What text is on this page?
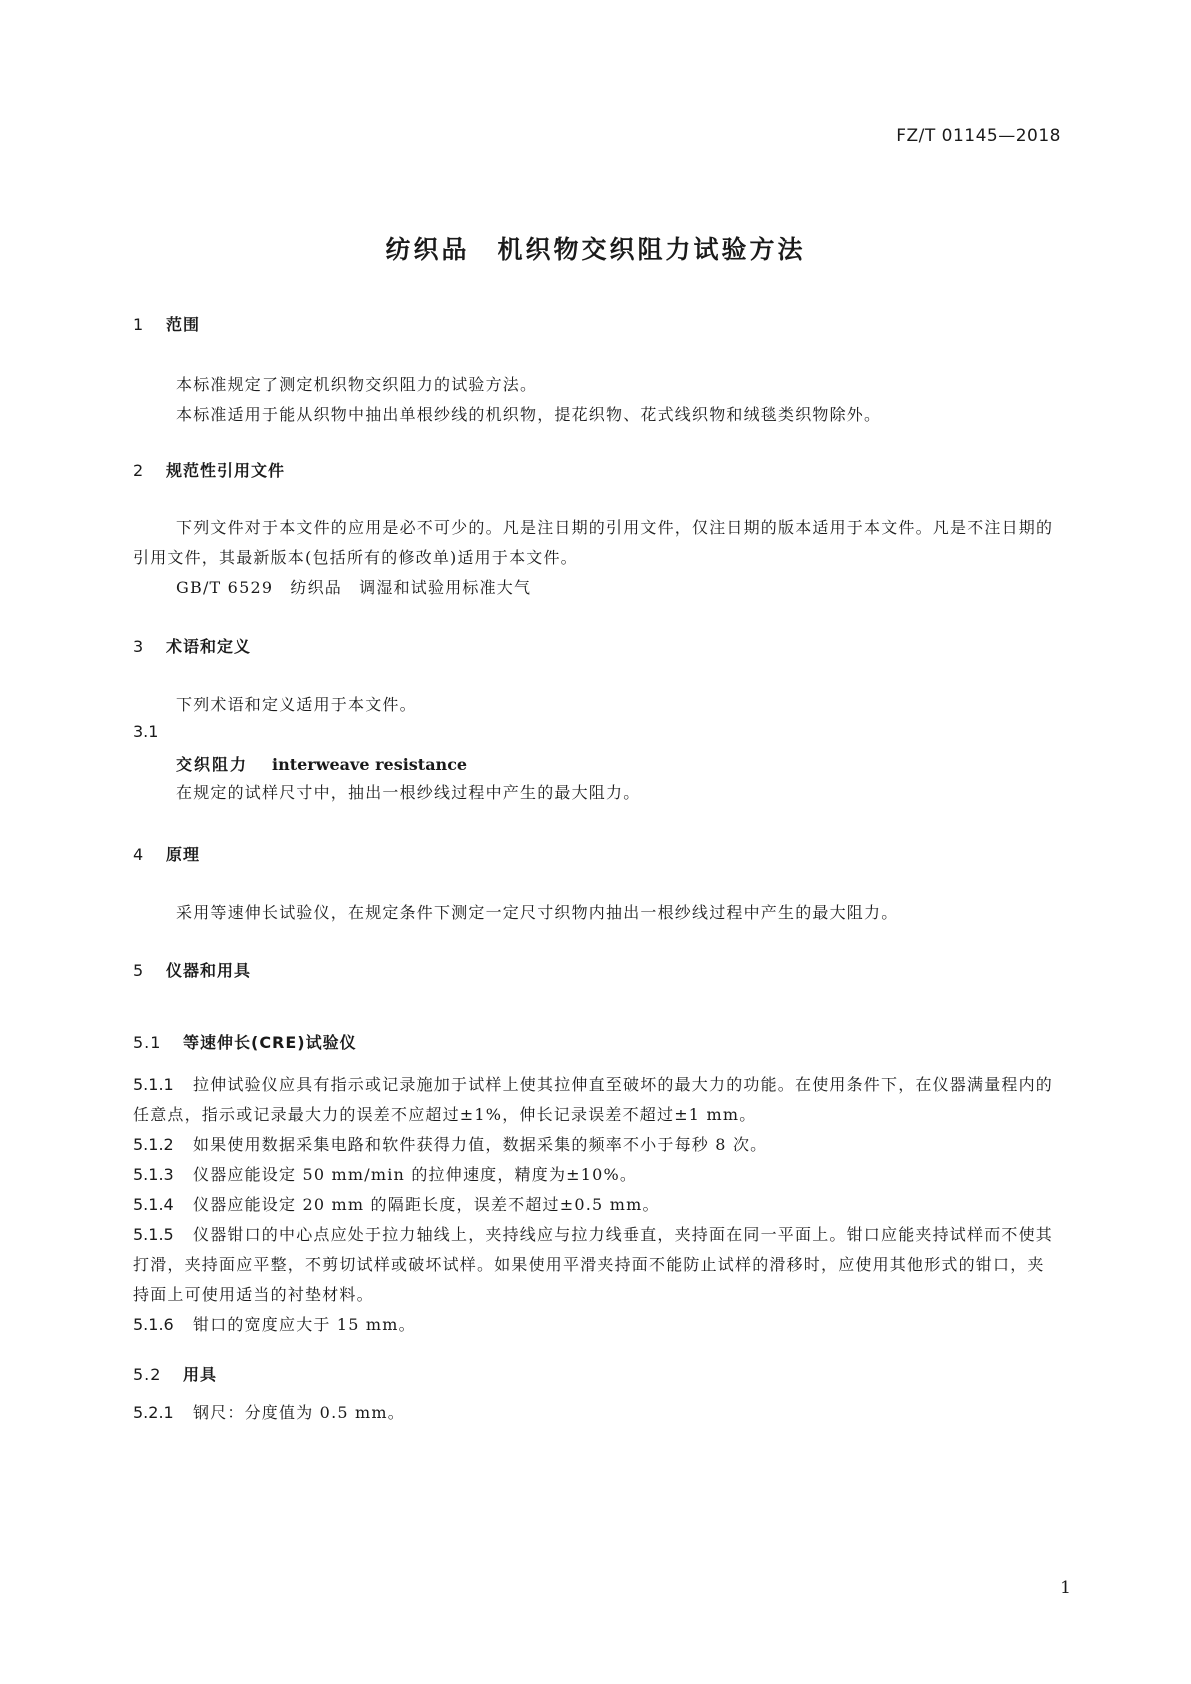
FZ/T 01145—2018
纺织品　机织物交织阻力试验方法
1 范围
本标准规定了测定机织物交织阻力的试验方法。
本标准适用于能从织物中抽出单根纱线的机织物，提花织物、花式线织物和绒毯类织物除外。
2 规范性引用文件
下列文件对于本文件的应用是必不可少的。凡是注日期的引用文件，仅注日期的版本适用于本文件。凡是不注日期的引用文件，其最新版本(包括所有的修改单)适用于本文件。
GB/T 6529　纺织品　调湿和试验用标准大气
3 术语和定义
下列术语和定义适用于本文件。
3.1
交织阻力 interweave resistance
在规定的试样尺寸中，抽出一根纱线过程中产生的最大阻力。
4 原理
采用等速伸长试验仪，在规定条件下测定一定尺寸织物内抽出一根纱线过程中产生的最大阻力。
5 仪器和用具
5.1 等速伸长(CRE)试验仪
5.1.1 拉伸试验仪应具有指示或记录施加于试样上使其拉伸直至破坏的最大力的功能。在使用条件下，在仪器满量程内的任意点，指示或记录最大力的误差不应超过±1%，伸长记录误差不超过±1 mm。
5.1.2 如果使用数据采集电路和软件获得力值，数据采集的频率不小于每秒 8 次。
5.1.3 仪器应能设定 50 mm/min 的拉伸速度，精度为±10%。
5.1.4 仪器应能设定 20 mm 的隔距长度，误差不超过±0.5 mm。
5.1.5 仪器钳口的中心点应处于拉力轴线上，夹持线应与拉力线垂直，夹持面在同一平面上。钳口应能夹持试样而不使其打滑，夹持面应平整，不剪切试样或破坏试样。如果使用平滑夹持面不能防止试样的滑移时，应使用其他形式的钳口，夹持面上可使用适当的衬垫材料。
5.1.6 钳口的宽度应大于 15 mm。
5.2 用具
5.2.1 钢尺：分度值为 0.5 mm。
1
